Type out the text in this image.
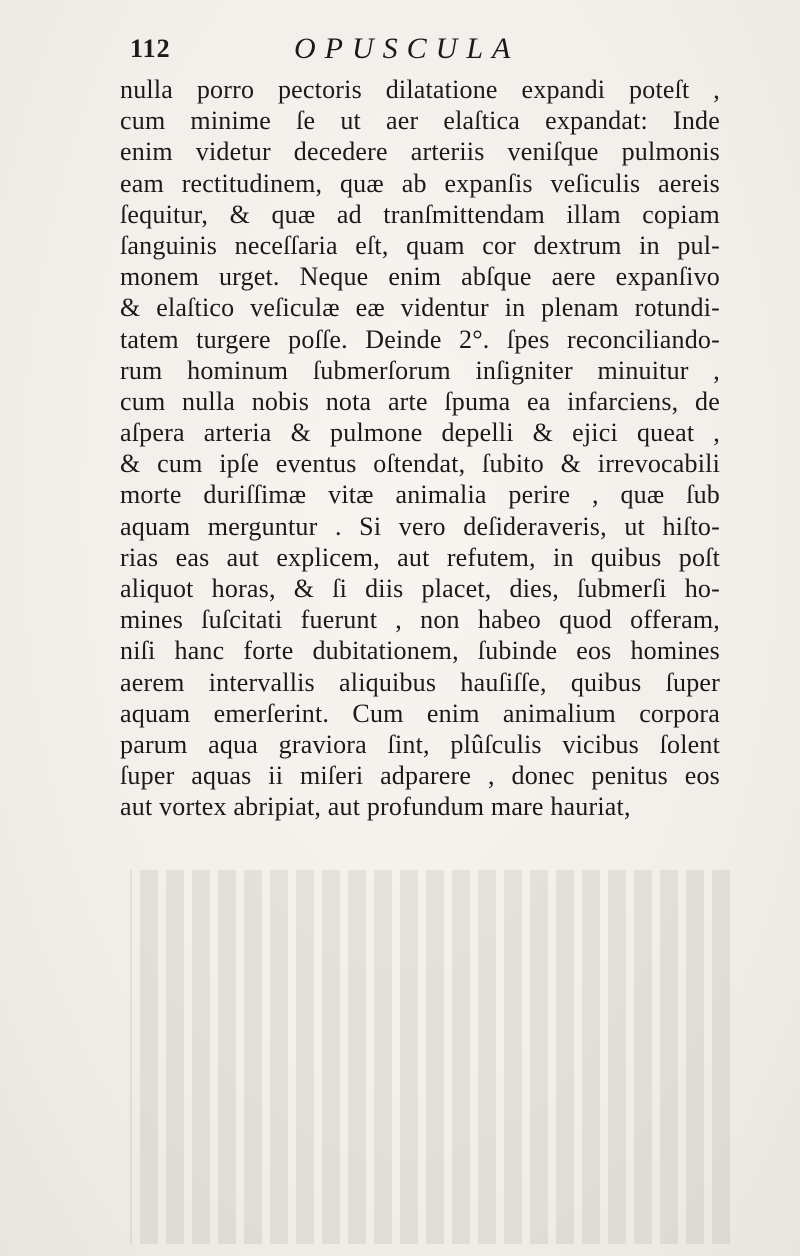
112	OPUSCULA
nulla porro pectoris dilatatione expandi poteſt ,
cum minime ſe ut aer elaſtica expandat: Inde
enim videtur decedere arteriis veniſque pulmonis
eam rectitudinem, quæ ab expanſis veſiculis aereis
ſequitur, & quæ ad tranſmittendam illam copiam
ſanguinis neceſſaria eſt, quam cor dextrum in pul-
monem urget. Neque enim abſque aere expanſivo
& elaſtico veſiculæ eæ videntur in plenam rotundi-
tatem turgere poſſe. Deinde 2°. ſpes reconciliando-
rum hominum ſubmerſorum inſigniter minuitur ,
cum nulla nobis nota arte ſpuma ea infarciens, de
aſpera arteria & pulmone depelli & ejici queat ,
& cum ipſe eventus oſtendat, ſubito & irrevocabili
morte duriſſimæ vitæ animalia perire , quæ ſub
aquam merguntur . Si vero deſideraveris, ut hiſto-
rias eas aut explicem, aut refutem, in quibus poſt
aliquot horas, & ſi diis placet, dies, ſubmerſi ho-
mines ſuſcitati fuerunt , non habeo quod offeram,
niſi hanc forte dubitationem, ſubinde eos homines
aerem intervallis aliquibus hauſiſſe, quibus ſuper
aquam emerſerint. Cum enim animalium corpora
parum aqua graviora ſint, plûſculis vicibus ſolent
ſuper aquas ii miſeri adparere , donec penitus eos
aut vortex abripiat, aut profundum mare hauriat,
